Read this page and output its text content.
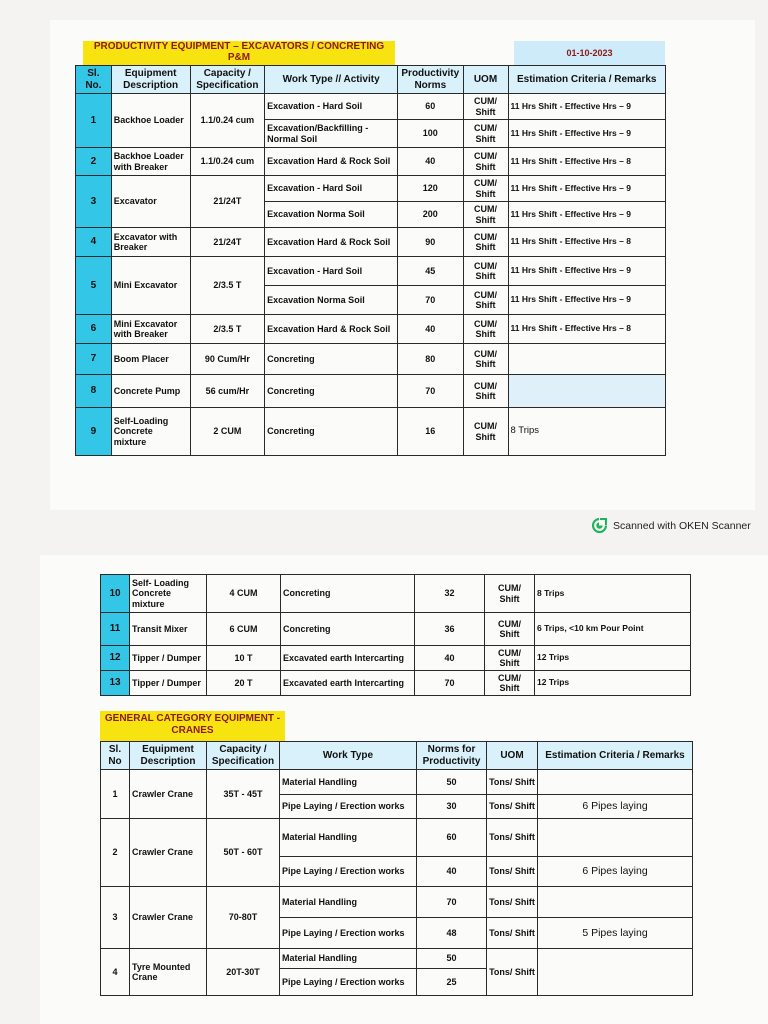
PRODUCTIVITY EQUIPMENT – EXCAVATORS / CONCRETING P&M	01-10-2023
Sl. No.	Equipment Description	Capacity / Specification	Work Type // Activity	Productivity Norms	UOM	Estimation Criteria / Remarks
1	Backhoe Loader	1.1/0.24 cum	Excavation - Hard Soil	60	CUM/ Shift	11 Hrs Shift - Effective Hrs – 9
			Excavation/Backfilling - Normal Soil	100	CUM/ Shift	11 Hrs Shift - Effective Hrs – 9
2	Backhoe Loader with Breaker	1.1/0.24 cum	Excavation Hard & Rock Soil	40	CUM/ Shift	11 Hrs Shift - Effective Hrs – 8
3	Excavator	21/24T	Excavation - Hard Soil	120	CUM/ Shift	11 Hrs Shift - Effective Hrs – 9
			Excavation Norma Soil	200	CUM/ Shift	11 Hrs Shift - Effective Hrs – 9
4	Excavator with Breaker	21/24T	Excavation Hard & Rock Soil	90	CUM/ Shift	11 Hrs Shift - Effective Hrs – 8
5	Mini Excavator	2/3.5 T	Excavation - Hard Soil	45	CUM/ Shift	11 Hrs Shift - Effective Hrs – 9
			Excavation Norma Soil	70	CUM/ Shift	11 Hrs Shift - Effective Hrs – 9
6	Mini Excavator with Breaker	2/3.5 T	Excavation Hard & Rock Soil	40	CUM/ Shift	11 Hrs Shift - Effective Hrs – 8
7	Boom Placer	90 Cum/Hr	Concreting	80	CUM/ Shift	
8	Concrete Pump	56 cum/Hr	Concreting	70	CUM/ Shift	
9	Self-Loading Concrete mixture	2 CUM	Concreting	16	CUM/ Shift	8 Trips
Scanned with OKEN Scanner
10	Self- Loading Concrete mixture	4 CUM	Concreting	32	CUM/ Shift	8 Trips
11	Transit Mixer	6 CUM	Concreting	36	CUM/ Shift	6 Trips, <10 km Pour Point
12	Tipper / Dumper	10 T	Excavated earth Intercarting	40	CUM/ Shift	12 Trips
13	Tipper / Dumper	20 T	Excavated earth Intercarting	70	CUM/ Shift	12 Trips
GENERAL CATEGORY EQUIPMENT - CRANES
Sl. No	Equipment Description	Capacity / Specification	Work Type	Norms for Productivity	UOM	Estimation Criteria / Remarks
1	Crawler Crane	35T - 45T	Material Handling	50	Tons/ Shift	
			Pipe Laying / Erection works	30	Tons/ Shift	6 Pipes laying
2	Crawler Crane	50T - 60T	Material Handling	60	Tons/ Shift	
			Pipe Laying / Erection works	40	Tons/ Shift	6 Pipes laying
3	Crawler Crane	70-80T	Material Handling	70	Tons/ Shift	
			Pipe Laying / Erection works	48	Tons/ Shift	5 Pipes laying
4	Tyre Mounted Crane	20T-30T	Material Handling	50	Tons/ Shift	
			Pipe Laying / Erection works	25		
